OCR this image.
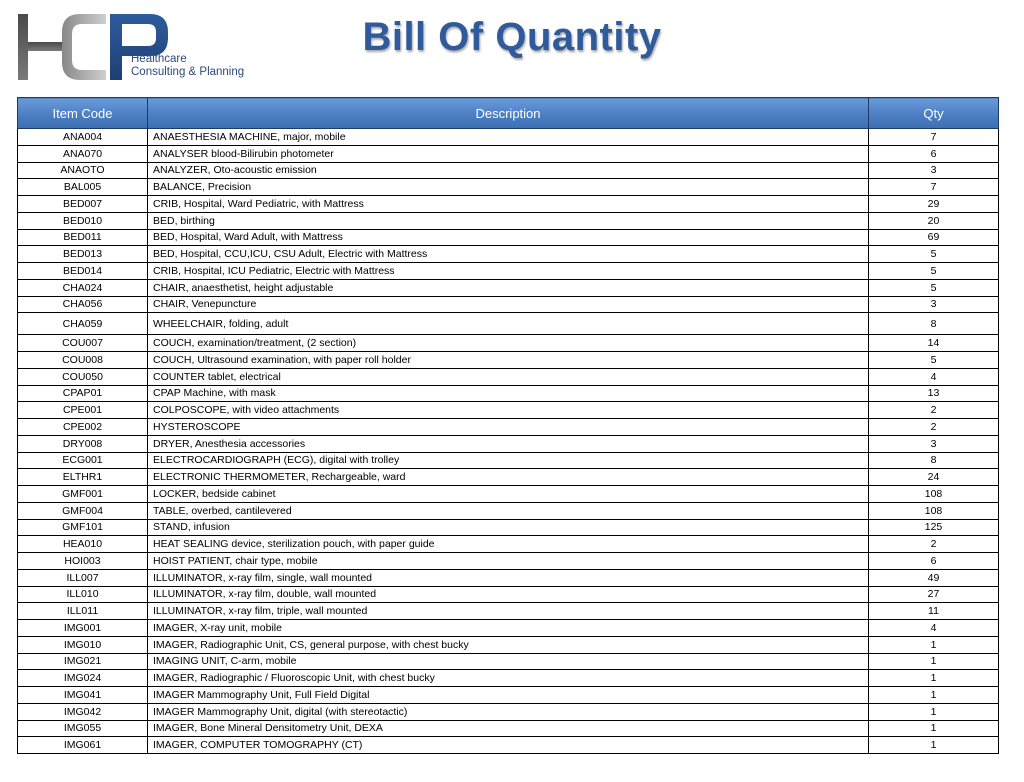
Healthcare
Consulting & Planning
Bill Of Quantity
Item Code	Description	Qty
ANA004	ANAESTHESIA MACHINE, major, mobile	7
ANA070	ANALYSER blood-Bilirubin photometer	6
ANAOTO	ANALYZER, Oto-acoustic emission	3
BAL005	BALANCE, Precision	7
BED007	CRIB, Hospital, Ward Pediatric, with Mattress	29
BED010	BED, birthing	20
BED011	BED, Hospital, Ward Adult, with Mattress	69
BED013	BED, Hospital, CCU,ICU, CSU Adult, Electric with Mattress	5
BED014	CRIB, Hospital, ICU Pediatric, Electric with Mattress	5
CHA024	CHAIR, anaesthetist, height adjustable	5
CHA056	CHAIR, Venepuncture	3
CHA059	WHEELCHAIR, folding, adult	8
COU007	COUCH, examination/treatment, (2 section)	14
COU008	COUCH, Ultrasound examination, with paper roll holder	5
COU050	COUNTER tablet, electrical	4
CPAP01	CPAP Machine, with mask	13
CPE001	COLPOSCOPE, with video attachments	2
CPE002	HYSTEROSCOPE	2
DRY008	DRYER, Anesthesia accessories	3
ECG001	ELECTROCARDIOGRAPH (ECG), digital with trolley	8
ELTHR1	ELECTRONIC THERMOMETER, Rechargeable, ward	24
GMF001	LOCKER, bedside cabinet	108
GMF004	TABLE, overbed, cantilevered	108
GMF101	STAND, infusion	125
HEA010	HEAT SEALING device, sterilization pouch, with paper guide	2
HOI003	HOIST PATIENT, chair type, mobile	6
ILL007	ILLUMINATOR, x-ray film, single, wall mounted	49
ILL010	ILLUMINATOR, x-ray film, double, wall mounted	27
ILL011	ILLUMINATOR, x-ray film, triple, wall mounted	11
IMG001	IMAGER, X-ray unit, mobile	4
IMG010	IMAGER, Radiographic Unit, CS, general purpose, with chest bucky	1
IMG021	IMAGING UNIT, C-arm, mobile	1
IMG024	IMAGER, Radiographic / Fluoroscopic Unit, with chest bucky	1
IMG041	IMAGER Mammography Unit, Full Field Digital	1
IMG042	IMAGER Mammography Unit, digital (with stereotactic)	1
IMG055	IMAGER, Bone Mineral Densitometry Unit, DEXA	1
IMG061	IMAGER, COMPUTER TOMOGRAPHY (CT)	1
